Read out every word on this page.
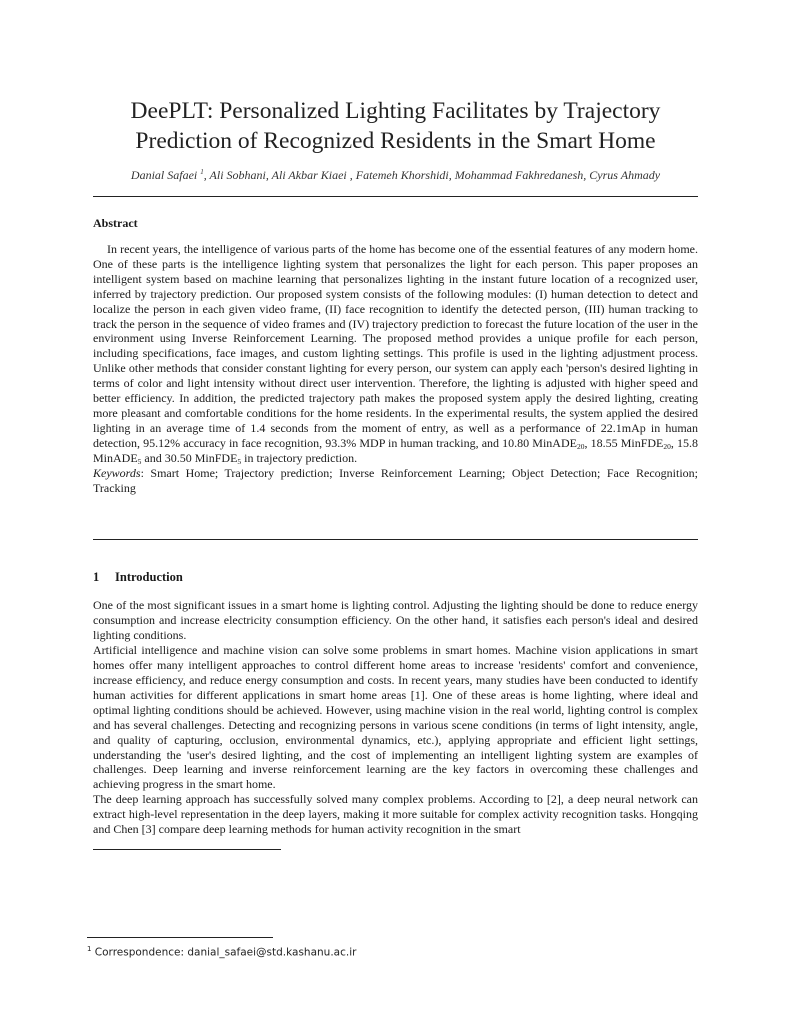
DeePLT: Personalized Lighting Facilitates by Trajectory
Prediction of Recognized Residents in the Smart Home
Danial Safaei $^1$, Ali Sobhani, Ali Akbar Kiaei , Fatemeh Khorshidi, Mohammad Fakhredanesh, Cyrus Ahmady
Abstract

In recent years, the intelligence of various parts of the home has become one of the essential features of any modern home. One of these parts is the intelligence lighting system that personalizes the light for each person. This paper proposes an intelligent system based on machine learning that personalizes lighting in the instant future location of a recognized user, inferred by trajectory prediction. Our proposed system consists of the following modules: (I) human detection to detect and localize the person in each given video frame, (II) face recognition to identify the detected person, (III) human tracking to track the person in the sequence of video frames and (IV) trajectory prediction to forecast the future location of the user in the environment using Inverse Reinforcement Learning. The proposed method provides a unique profile for each person, including specifications, face images, and custom lighting settings. This profile is used in the lighting adjustment process. Unlike other methods that consider constant lighting for every person, our system can apply each 'person's desired lighting in terms of color and light intensity without direct user intervention. Therefore, the lighting is adjusted with higher speed and better efficiency. In addition, the predicted trajectory path makes the proposed system apply the desired lighting, creating more pleasant and comfortable conditions for the home residents. In the experimental results, the system applied the desired lighting in an average time of 1.4 seconds from the moment of entry, as well as a performance of 22.1mAp in human detection, 95.12% accuracy in face recognition, 93.3% MDP in human tracking, and 10.80 MinADE$_{20}$, 18.55 MinFDE$_{20}$, 15.8 MinADE$_5$ and 30.50 MinFDE$_5$ in trajectory prediction.

Keywords: Smart Home; Trajectory prediction; Inverse Reinforcement Learning; Object Detection; Face Recognition; Tracking

1 Introduction

One of the most significant issues in a smart home is lighting control. Adjusting the lighting should be done to reduce energy consumption and increase electricity consumption efficiency. On the other hand, it satisfies each person's ideal and desired lighting conditions.

Artificial intelligence and machine vision can solve some problems in smart homes. Machine vision applications in smart homes offer many intelligent approaches to control different home areas to increase 'residents' comfort and convenience, increase efficiency, and reduce energy consumption and costs. In recent years, many studies have been conducted to identify human activities for different applications in smart home areas [1]. One of these areas is home lighting, where ideal and optimal lighting conditions should be achieved. However, using machine vision in the real world, lighting control is complex and has several challenges. Detecting and recognizing persons in various scene conditions (in terms of light intensity, angle, and quality of capturing, occlusion, environmental dynamics, etc.), applying appropriate and efficient light settings, understanding the 'user's desired lighting, and the cost of implementing an intelligent lighting system are examples of challenges. Deep learning and inverse reinforcement learning are the key factors in overcoming these challenges and achieving progress in the smart home.

The deep learning approach has successfully solved many complex problems. According to [2], a deep neural network can extract high-level representation in the deep layers, making it more suitable for complex activity recognition tasks. Hongqing and Chen [3] compare deep learning methods for human activity recognition in the smart

$^1$ Correspondence: danial_safaei@std.kashanu.ac.ir
